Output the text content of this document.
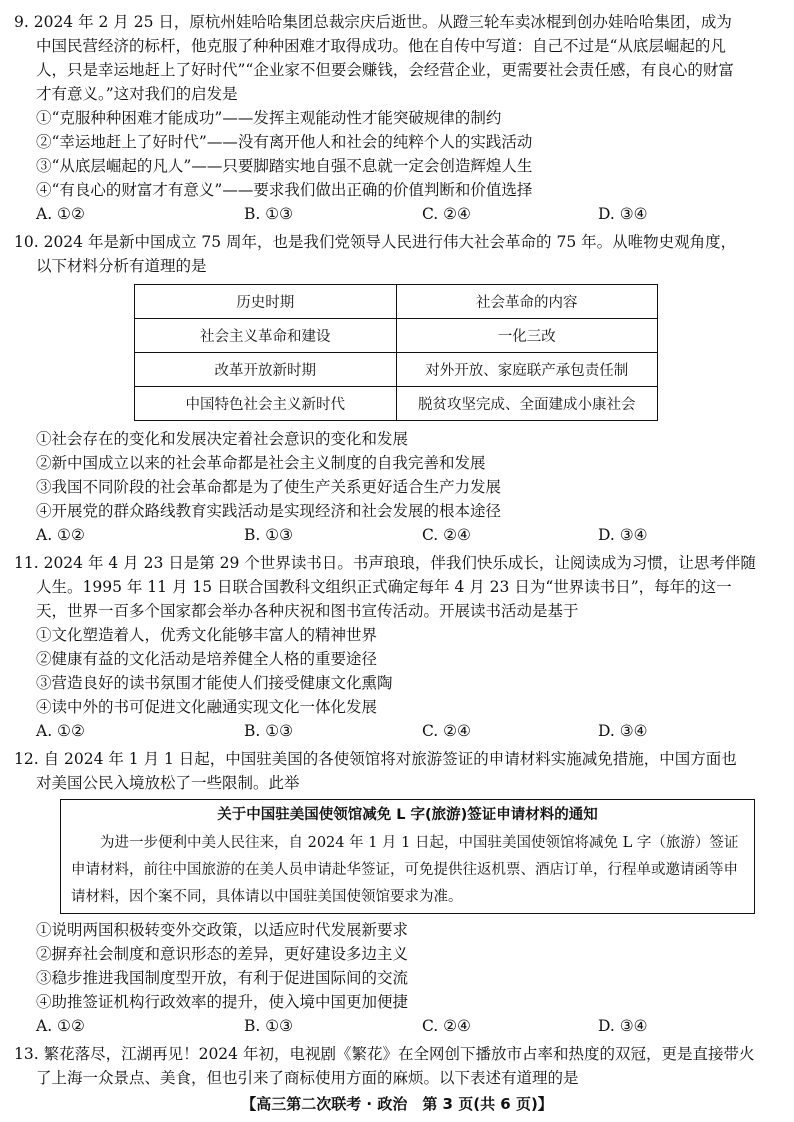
9. 2024 年 2 月 25 日，原杭州娃哈哈集团总裁宗庆后逝世。从蹬三轮车卖冰棍到创办娃哈哈集团，成为
中国民营经济的标杆，他克服了种种困难才取得成功。他在自传中写道：自己不过是“从底层崛起的凡
人，只是幸运地赶上了好时代”“企业家不但要会赚钱，会经营企业，更需要社会责任感，有良心的财富
才有意义。”这对我们的启发是
①“克服种种困难才能成功”——发挥主观能动性才能突破规律的制约
②“幸运地赶上了好时代”——没有离开他人和社会的纯粹个人的实践活动
③“从底层崛起的凡人”——只要脚踏实地自强不息就一定会创造辉煌人生
④“有良心的财富才有意义”——要求我们做出正确的价值判断和价值选择
A. ①②	B. ①③	C. ②④	D. ③④
10. 2024 年是新中国成立 75 周年，也是我们党领导人民进行伟大社会革命的 75 年。从唯物史观角度，
以下材料分析有道理的是
历史时期	社会革命的内容
社会主义革命和建设	一化三改
改革开放新时期	对外开放、家庭联产承包责任制
中国特色社会主义新时代	脱贫攻坚完成、全面建成小康社会
①社会存在的变化和发展决定着社会意识的变化和发展
②新中国成立以来的社会革命都是社会主义制度的自我完善和发展
③我国不同阶段的社会革命都是为了使生产关系更好适合生产力发展
④开展党的群众路线教育实践活动是实现经济和社会发展的根本途径
A. ①②	B. ①③	C. ②④	D. ③④
11. 2024 年 4 月 23 日是第 29 个世界读书日。书声琅琅，伴我们快乐成长，让阅读成为习惯，让思考伴随
人生。1995 年 11 月 15 日联合国教科文组织正式确定每年 4 月 23 日为“世界读书日”，每年的这一
天，世界一百多个国家都会举办各种庆祝和图书宣传活动。开展读书活动是基于
①文化塑造着人，优秀文化能够丰富人的精神世界
②健康有益的文化活动是培养健全人格的重要途径
③营造良好的读书氛围才能使人们接受健康文化熏陶
④读中外的书可促进文化融通实现文化一体化发展
A. ①②	B. ①③	C. ②④	D. ③④
12. 自 2024 年 1 月 1 日起，中国驻美国的各使领馆将对旅游签证的申请材料实施减免措施，中国方面也
对美国公民入境放松了一些限制。此举
关于中国驻美国使领馆减免 L 字(旅游)签证申请材料的通知
为进一步便利中美人民往来，自 2024 年 1 月 1 日起，中国驻美国使领馆将减免 L 字（旅游）签证申请材料，前往中国旅游的在美人员申请赴华签证，可免提供往返机票、酒店订单，行程单或邀请函等申请材料，因个案不同，具体请以中国驻美国使领馆要求为准。
①说明两国积极转变外交政策，以适应时代发展新要求
②摒弃社会制度和意识形态的差异，更好建设多边主义
③稳步推进我国制度型开放，有利于促进国际间的交流
④助推签证机构行政效率的提升，使入境中国更加便捷
A. ①②	B. ①③	C. ②④	D. ③④
13. 繁花落尽，江湖再见！2024 年初，电视剧《繁花》在全网创下播放市占率和热度的双冠，更是直接带火
了上海一众景点、美食，但也引来了商标使用方面的麻烦。以下表述有道理的是
【高三第二次联考 · 政治　第 3 页(共 6 页)】
